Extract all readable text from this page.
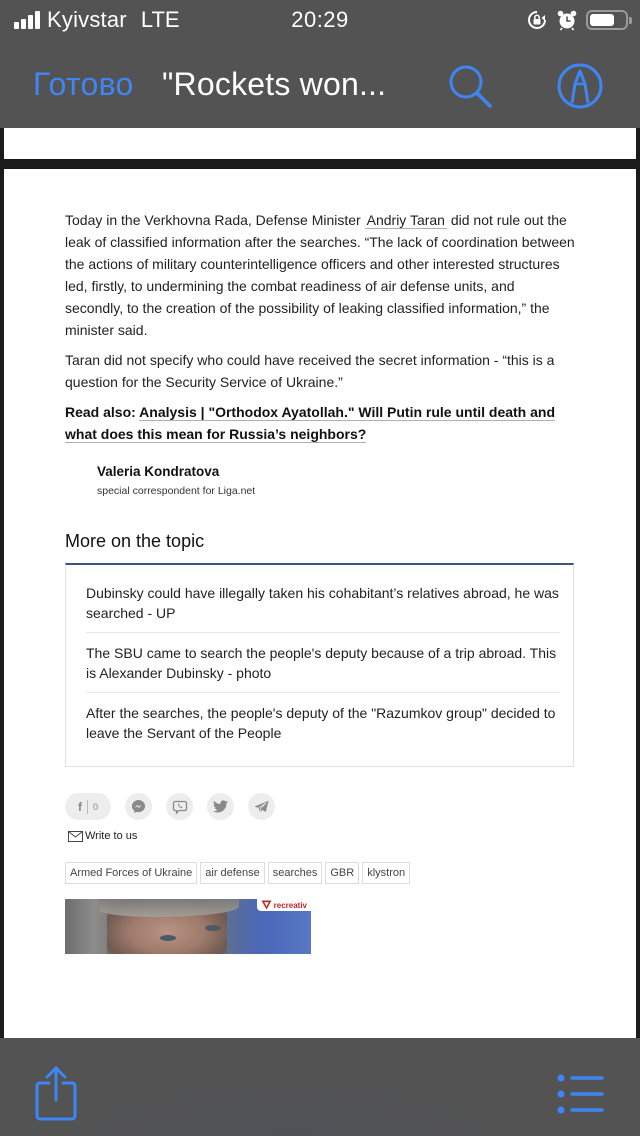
Kyivstar LTE	20:29
Готово "Rockets won...

Today in the Verkhovna Rada, Defense Minister Andriy Taran did not rule out the leak of classified information after the searches. “The lack of coordination between the actions of military counterintelligence officers and other interested structures led, firstly, to undermining the combat readiness of air defense units, and secondly, to the creation of the possibility of leaking classified information,” the minister said.

Taran did not specify who could have received the secret information - “this is a question for the Security Service of Ukraine.”

Read also: Analysis | "Orthodox Ayatollah." Will Putin rule until death and what does this mean for Russia’s neighbors?

Valeria Kondratova
special correspondent for Liga.net
More on the topic
Dubinsky could have illegally taken his cohabitant’s relatives abroad, he was searched - UP
The SBU came to search the people's deputy because of a trip abroad. This is Alexander Dubinsky - photo
After the searches, the people's deputy of the "Razumkov group" decided to leave the Servant of the People
f 0
Write to us
Armed Forces of Ukraine	air defense	searches	GBR	klystron
recreativ
